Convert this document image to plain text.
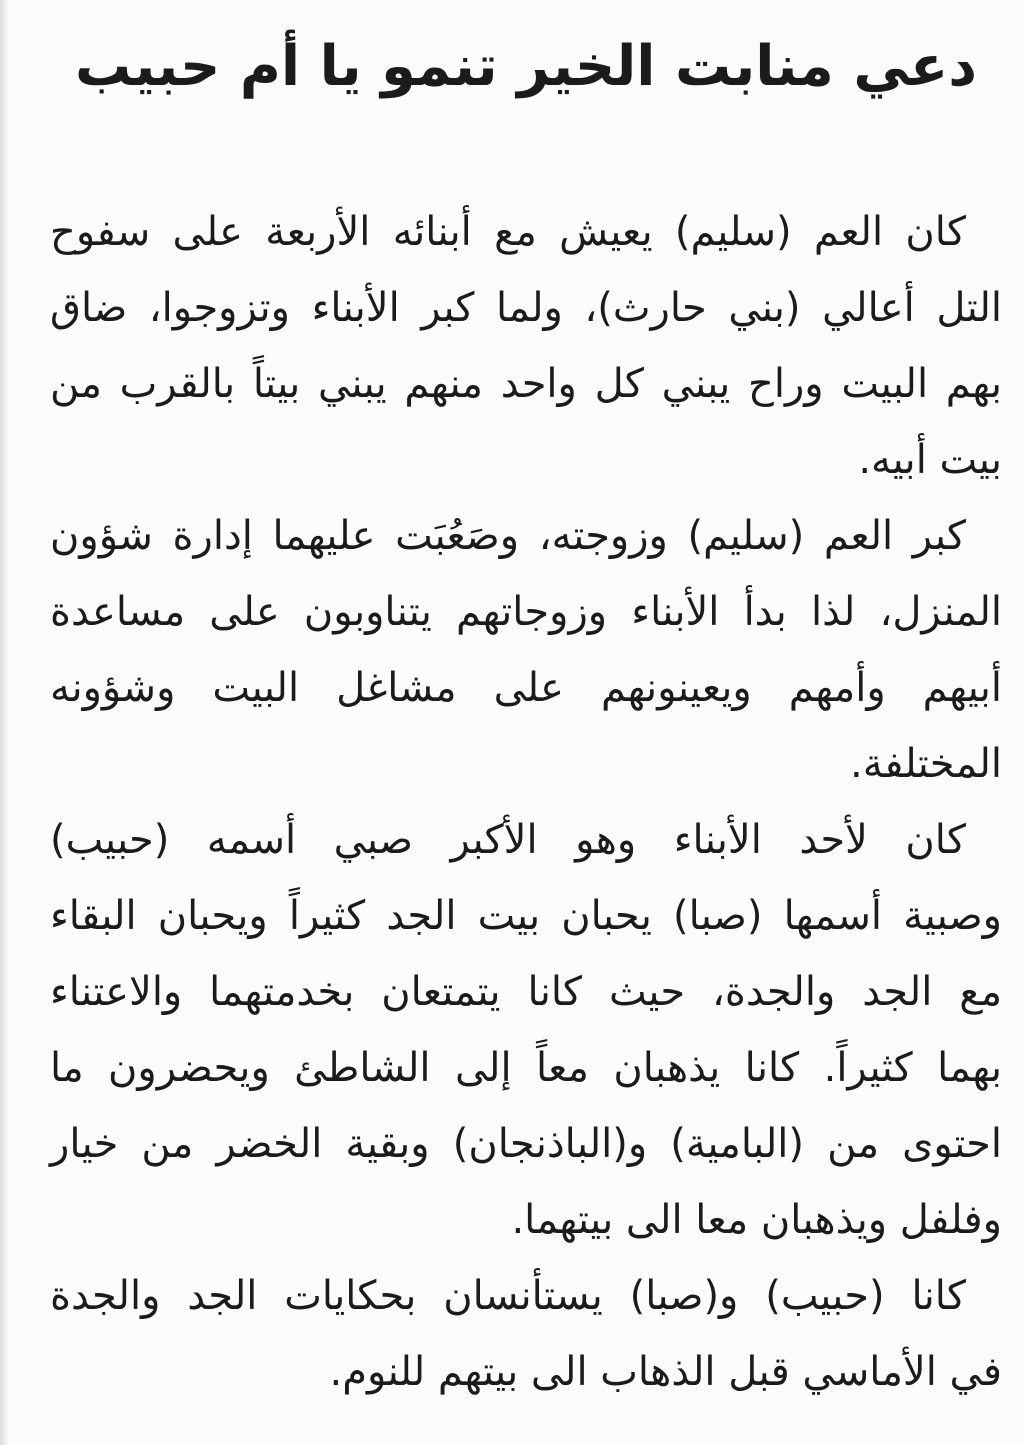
دعي منابت الخير تنمو يا أم حبيب
كان العم (سليم) يعيش مع أبنائه الأربعة على سفوح
التل أعالي (بني حارث)، ولما كبر الأبناء وتزوجوا، ضاق
بهم البيت وراح يبني كل واحد منهم يبني بيتاً بالقرب من
بيت أبيه.
كبر العم (سليم) وزوجته، وصَعُبَت عليهما إدارة شؤون
المنزل، لذا بدأ الأبناء وزوجاتهم يتناوبون على مساعدة
أبيهم وأمهم ويعينونهم على مشاغل البيت وشؤونه
المختلفة.
كان لأحد الأبناء وهو الأكبر صبي أسمه (حبيب)
وصبية أسمها (صبا) يحبان بيت الجد كثيراً ويحبان البقاء
مع الجد والجدة، حيث كانا يتمتعان بخدمتهما والاعتناء
بهما كثيراً. كانا يذهبان معاً إلى الشاطئ ويحضرون ما
احتوى من (البامية) و(الباذنجان) وبقية الخضر من خيار
وفلفل ويذهبان معا الى بيتهما.
كانا (حبيب) و(صبا) يستأنسان بحكايات الجد والجدة
في الأماسي قبل الذهاب الى بيتهم للنوم.
